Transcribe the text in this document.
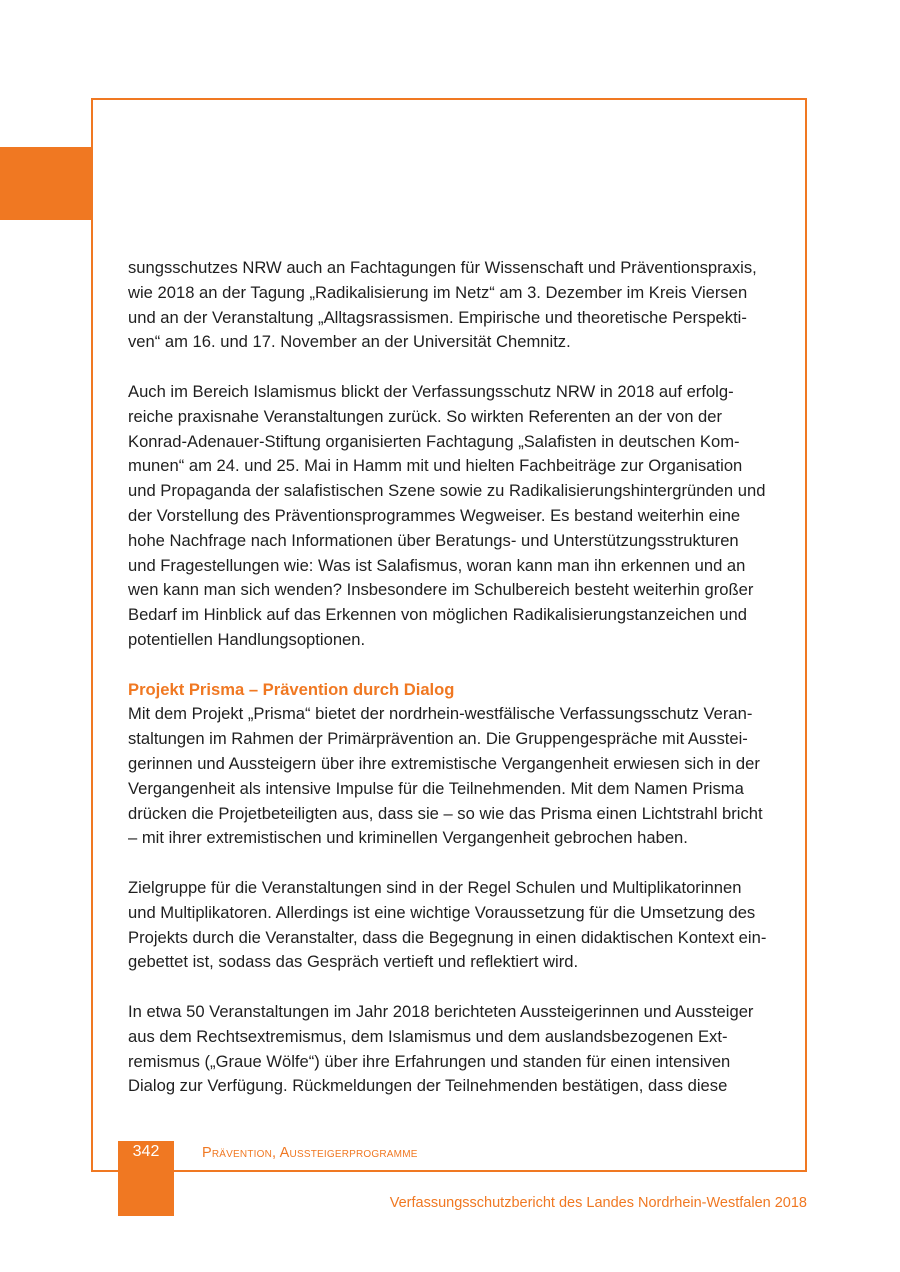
sungsschutzes NRW auch an Fachtagungen für Wissenschaft und Präventionspraxis,
wie 2018 an der Tagung „Radikalisierung im Netz“ am 3. Dezember im Kreis Viersen
und an der Veranstaltung „Alltagsrassismen. Empirische und theoretische Perspekti-
ven“ am 16. und 17. November an der Universität Chemnitz.

Auch im Bereich Islamismus blickt der Verfassungsschutz NRW in 2018 auf erfolg-
reiche praxisnahe Veranstaltungen zurück. So wirkten Referenten an der von der
Konrad-Adenauer-Stiftung organisierten Fachtagung „Salafisten in deutschen Kom-
munen“ am 24. und 25. Mai in Hamm mit und hielten Fachbeiträge zur Organisation
und Propaganda der salafistischen Szene sowie zu Radikalisierungshintergründen und
der Vorstellung des Präventionsprogrammes Wegweiser. Es bestand weiterhin eine
hohe Nachfrage nach Informationen über Beratungs- und Unterstützungsstrukturen
und Fragestellungen wie: Was ist Salafismus, woran kann man ihn erkennen und an
wen kann man sich wenden? Insbesondere im Schulbereich besteht weiterhin großer
Bedarf im Hinblick auf das Erkennen von möglichen Radikalisierungstanzeichen und
potentiellen Handlungsoptionen.

Projekt Prisma – Prävention durch Dialog

Mit dem Projekt „Prisma“ bietet der nordrhein-westfälische Verfassungsschutz Veran-
staltungen im Rahmen der Primärprävention an. Die Gruppengespräche mit Ausstei-
gerinnen und Aussteigern über ihre extremistische Vergangenheit erwiesen sich in der
Vergangenheit als intensive Impulse für die Teilnehmenden. Mit dem Namen Prisma
drücken die Projetbeteiligten aus, dass sie – so wie das Prisma einen Lichtstrahl bricht
– mit ihrer extremistischen und kriminellen Vergangenheit gebrochen haben.

Zielgruppe für die Veranstaltungen sind in der Regel Schulen und Multiplikatorinnen
und Multiplikatoren. Allerdings ist eine wichtige Voraussetzung für die Umsetzung des
Projekts durch die Veranstalter, dass die Begegnung in einen didaktischen Kontext ein-
gebettet ist, sodass das Gespräch vertieft und reflektiert wird.

In etwa 50 Veranstaltungen im Jahr 2018 berichteten Aussteigerinnen und Aussteiger
aus dem Rechtsextremismus, dem Islamismus und dem auslandsbezogenen Ext-
remismus („Graue Wölfe“) über ihre Erfahrungen und standen für einen intensiven
Dialog zur Verfügung. Rückmeldungen der Teilnehmenden bestätigen, dass diese

342	Prävention, Aussteigerprogramme
Verfassungsschutzbericht des Landes Nordrhein-Westfalen 2018
